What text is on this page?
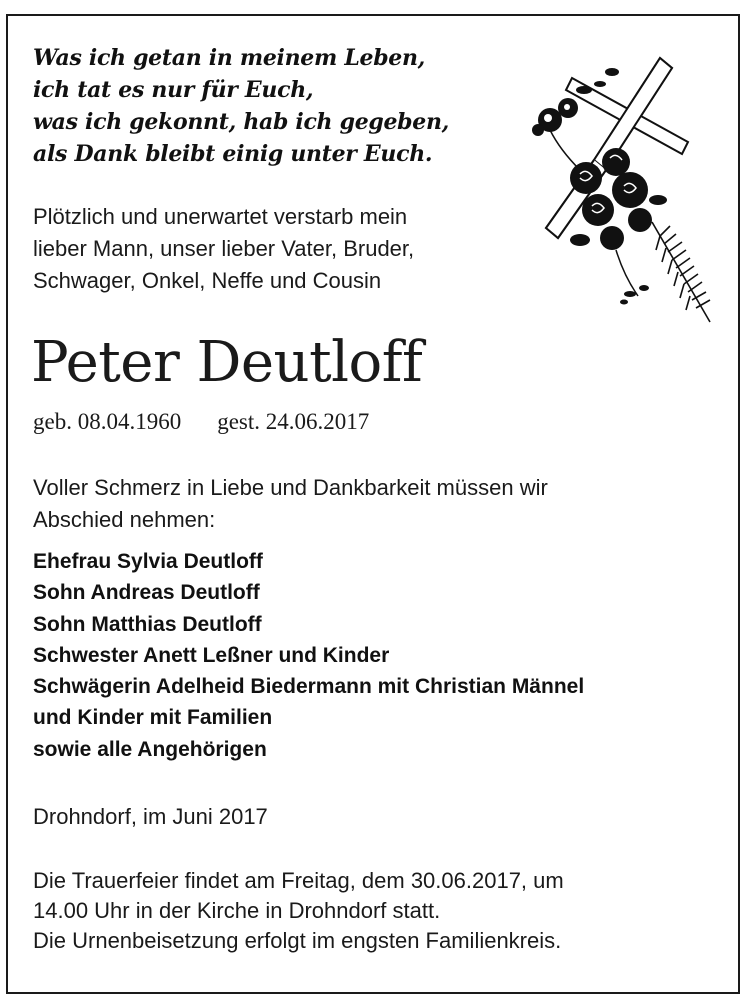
Was ich getan in meinem Leben,
ich tat es nur für Euch,
was ich gekonnt, hab ich gegeben,
als Dank bleibt einig unter Euch.
Plötzlich und unerwartet verstarb mein
lieber Mann, unser lieber Vater, Bruder,
Schwager, Onkel, Neffe und Cousin
Peter Deutloff
geb. 08.04.1960 gest. 24.06.2017
Voller Schmerz in Liebe und Dankbarkeit müssen wir
Abschied nehmen:
Ehefrau Sylvia Deutloff
Sohn Andreas Deutloff
Sohn Matthias Deutloff
Schwester Anett Leßner und Kinder
Schwägerin Adelheid Biedermann mit Christian Männel
und Kinder mit Familien
sowie alle Angehörigen
Drohndorf, im Juni 2017
Die Trauerfeier findet am Freitag, dem 30.06.2017, um
14.00 Uhr in der Kirche in Drohndorf statt.
Die Urnenbeisetzung erfolgt im engsten Familienkreis.
